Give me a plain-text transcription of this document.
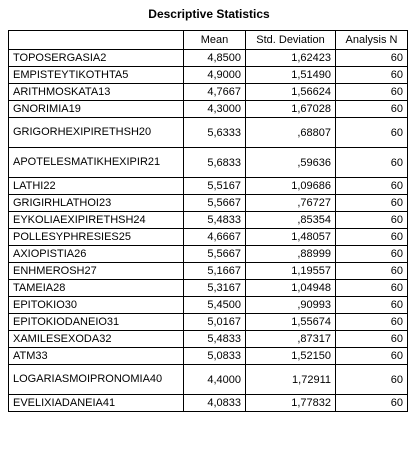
Descriptive Statistics
	Mean	Std. Deviation	Analysis N
TOPOSERGASIA2	4,8500	1,62423	60
EMPISTEYTIKOTHTA5	4,9000	1,51490	60
ARITHMOSKATA13	4,7667	1,56624	60
GNORIMIA19	4,3000	1,67028	60
GRIGORHEXIPIRETHSH20	5,6333	,68807	60
APOTELESMATIKHEXIPIR21	5,6833	,59636	60
LATHI22	5,5167	1,09686	60
GRIGIRHLATHOI23	5,5667	,76727	60
EYKOLIAEXIPIRETHSH24	5,4833	,85354	60
POLLESYPHRESIES25	4,6667	1,48057	60
AXIOPISTIA26	5,5667	,88999	60
ENHMEROSH27	5,1667	1,19557	60
TAMEIA28	5,3167	1,04948	60
EPITOKIO30	5,4500	,90993	60
EPITOKIODANEIO31	5,0167	1,55674	60
XAMILESEXODA32	5,4833	,87317	60
ATM33	5,0833	1,52150	60
LOGARIASMOIPRONOMIA40	4,4000	1,72911	60
EVELIXIADANEIA41	4,0833	1,77832	60
